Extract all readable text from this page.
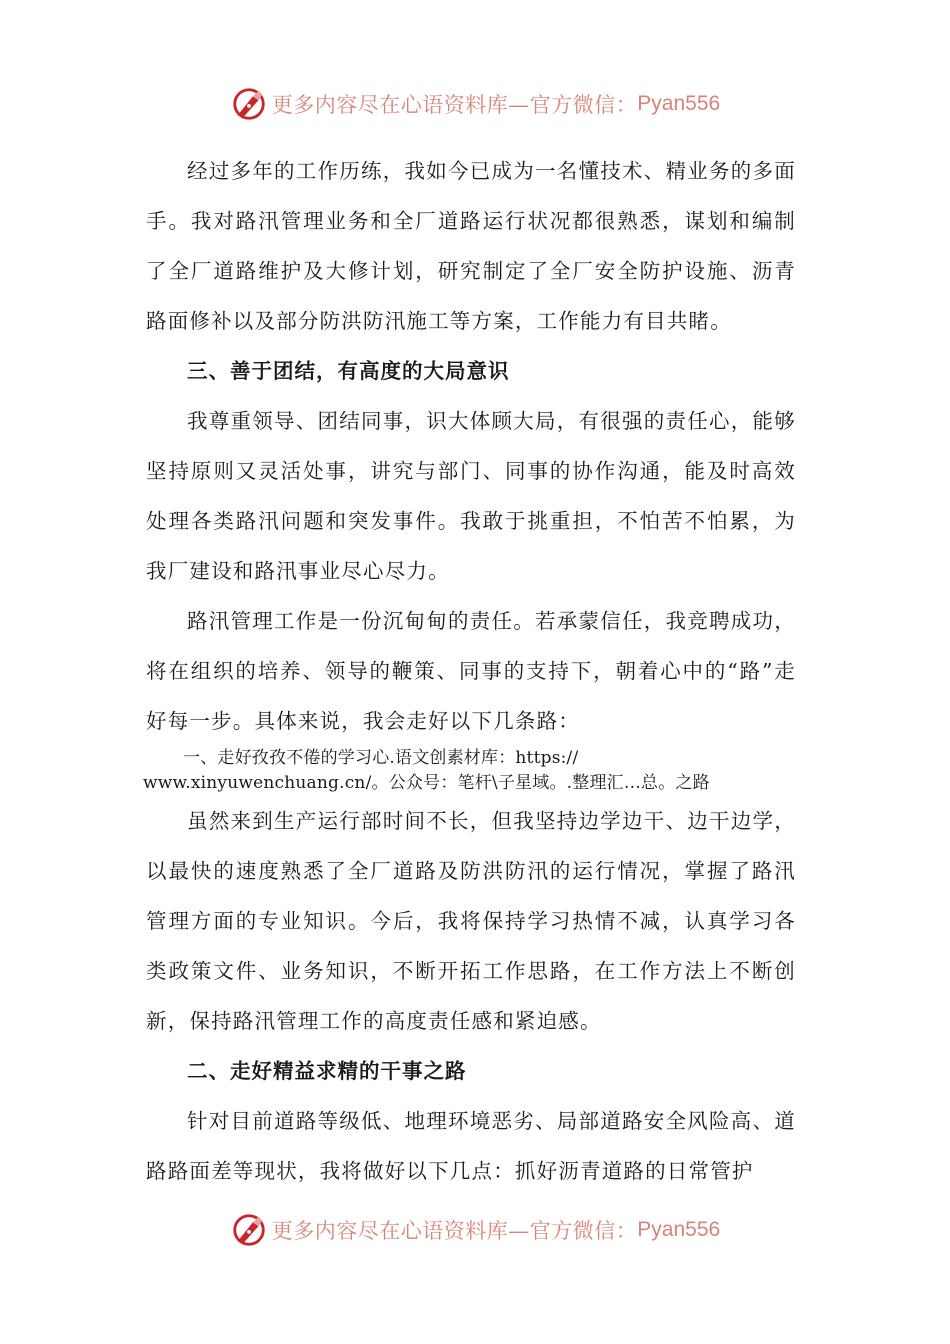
更多内容尽在心语资料库—官方微信： Pyan556

经过多年的工作历练，我如今已成为一名懂技术、精业务的多面手。我对路汛管理业务和全厂道路运行状况都很熟悉，谋划和编制了全厂道路维护及大修计划，研究制定了全厂安全防护设施、沥青路面修补以及部分防洪防汛施工等方案，工作能力有目共睹。

三、善于团结，有高度的大局意识

我尊重领导、团结同事，识大体顾大局，有很强的责任心，能够坚持原则又灵活处事，讲究与部门、同事的协作沟通，能及时高效处理各类路汛问题和突发事件。我敢于挑重担，不怕苦不怕累，为我厂建设和路汛事业尽心尽力。

路汛管理工作是一份沉甸甸的责任。若承蒙信任，我竞聘成功，将在组织的培养、领导的鞭策、同事的支持下，朝着心中的“路”走好每一步。具体来说，我会走好以下几条路：

一、走好孜孜不倦的学习心.语文创素材库：https://
www.xinyuwenchuang.cn/。公众号：笔杆\子星域。.整理汇…总。之路

虽然来到生产运行部时间不长，但我坚持边学边干、边干边学，以最快的速度熟悉了全厂道路及防洪防汛的运行情况，掌握了路汛管理方面的专业知识。今后，我将保持学习热情不减，认真学习各类政策文件、业务知识，不断开拓工作思路，在工作方法上不断创新，保持路汛管理工作的高度责任感和紧迫感。

二、走好精益求精的干事之路

针对目前道路等级低、地理环境恶劣、局部道路安全风险高、道路路面差等现状，我将做好以下几点：抓好沥青道路的日常管护

更多内容尽在心语资料库—官方微信： Pyan556
